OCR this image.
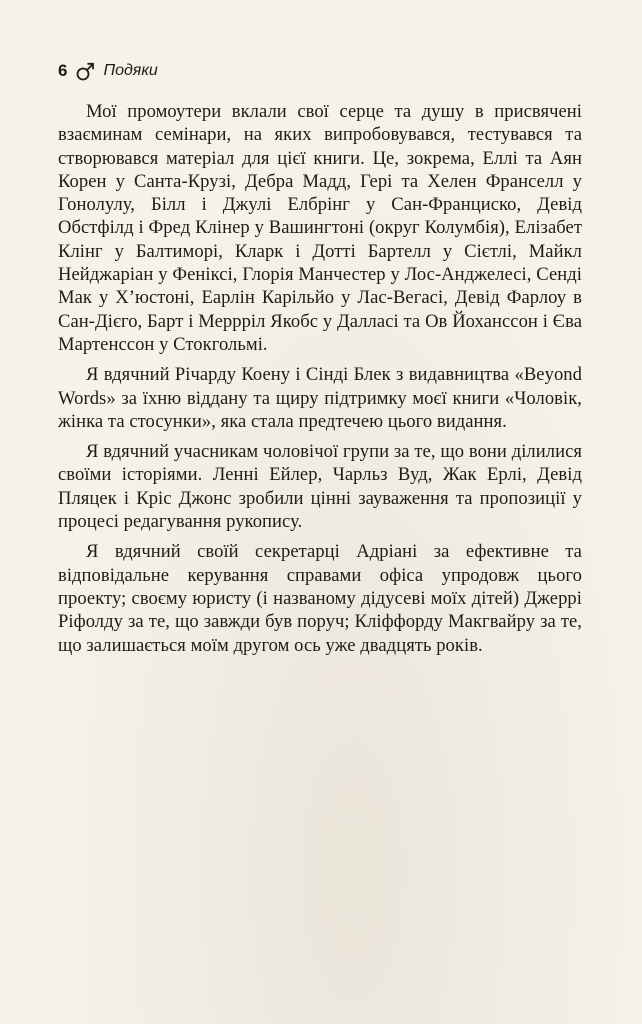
6 Подяки

Мої промоутери вклали свої серце та душу в присвячені взаєминам семінари, на яких випробовувався, тестувався та створювався матеріал для цієї книги. Це, зокрема, Еллі та Аян Корен у Санта-Крузі, Дебра Мадд, Гері та Хелен Франселл у Гонолулу, Білл і Джулі Елбрінг у Сан-Франциско, Девід Обстфілд і Фред Клінер у Вашингтоні (округ Колумбія), Елізабет Клінг у Балтиморі, Кларк і Дотті Бартелл у Сієтлі, Майкл Нейджаріан у Феніксі, Глорія Манчестер у Лос-Анджелесі, Сенді Мак у Х’юстоні, Еарлін Карільйо у Лас-Вегасі, Девід Фарлоу в Сан-Дієго, Барт і Меррріл Якобс у Далласі та Ов Йоханссон і Єва Мартенссон у Стокгольмі.

Я вдячний Річарду Коену і Сінді Блек з видавництва «Beyond Words» за їхню віддану та щиру підтримку моєї книги «Чоловік, жінка та стосунки», яка стала предтечею цього видання.

Я вдячний учасникам чоловічої групи за те, що вони ділилися своїми історіями. Ленні Ейлер, Чарльз Вуд, Жак Ерлі, Девід Пляцек і Кріс Джонс зробили цінні зауваження та пропозиції у процесі редагування рукопису.

Я вдячний своїй секретарці Адріані за ефективне та відповідальне керування справами офіса упродовж цього проекту; своєму юристу (і названому дідусеві моїх дітей) Джеррі Ріфолду за те, що завжди був поруч; Кліффорду Макгвайру за те, що залишається моїм другом ось уже двадцять років.
